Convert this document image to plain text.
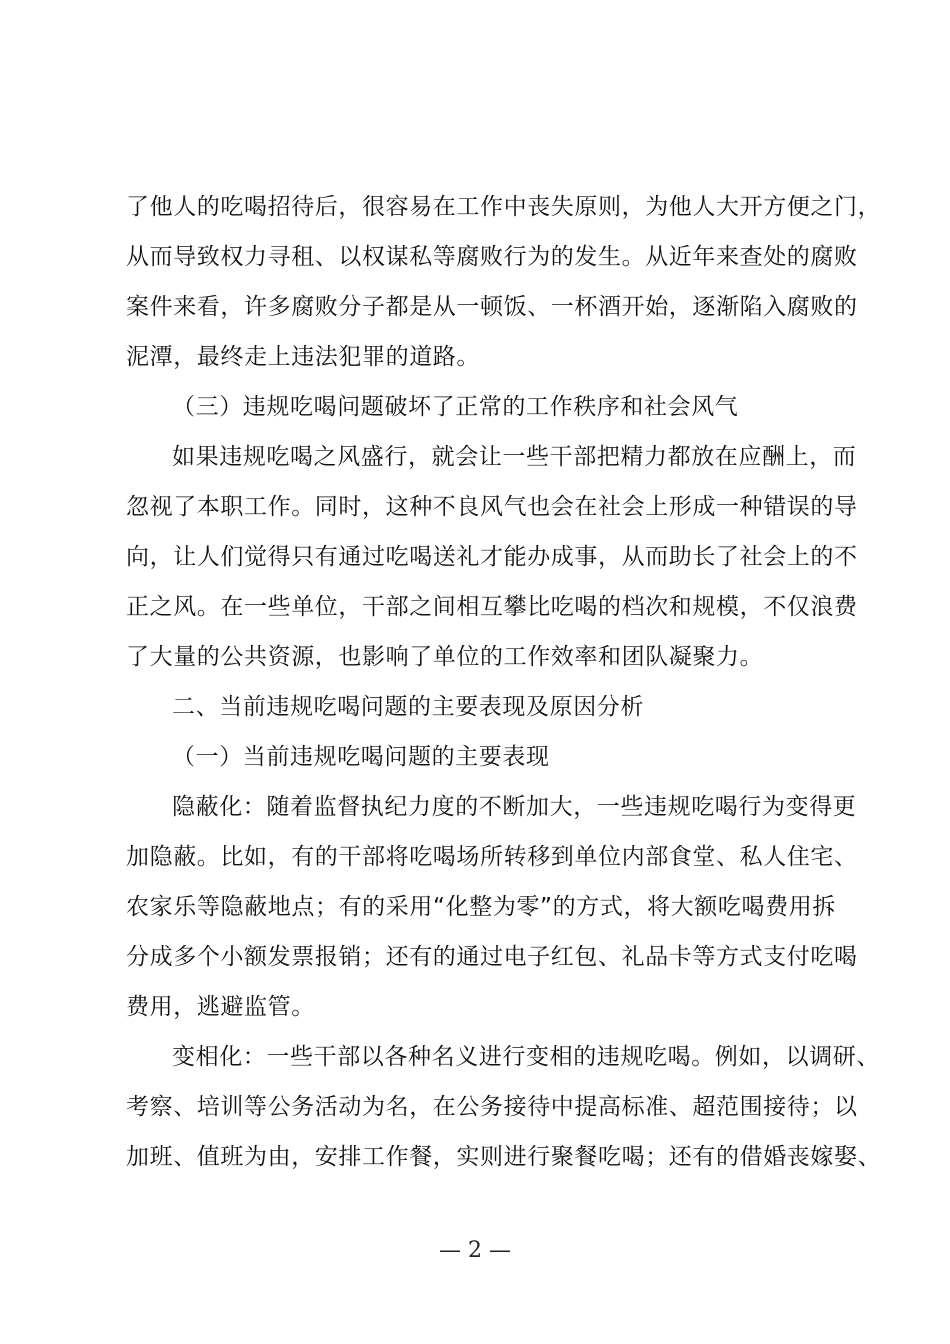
了他人的吃喝招待后，很容易在工作中丧失原则，为他人大开方便之门，
从而导致权力寻租、以权谋私等腐败行为的发生。从近年来查处的腐败
案件来看，许多腐败分子都是从一顿饭、一杯酒开始，逐渐陷入腐败的
泥潭，最终走上违法犯罪的道路。
（三）违规吃喝问题破坏了正常的工作秩序和社会风气
如果违规吃喝之风盛行，就会让一些干部把精力都放在应酬上，而
忽视了本职工作。同时，这种不良风气也会在社会上形成一种错误的导
向，让人们觉得只有通过吃喝送礼才能办成事，从而助长了社会上的不
正之风。在一些单位，干部之间相互攀比吃喝的档次和规模，不仅浪费
了大量的公共资源，也影响了单位的工作效率和团队凝聚力。
二、当前违规吃喝问题的主要表现及原因分析
（一）当前违规吃喝问题的主要表现
隐蔽化：随着监督执纪力度的不断加大，一些违规吃喝行为变得更
加隐蔽。比如，有的干部将吃喝场所转移到单位内部食堂、私人住宅、
农家乐等隐蔽地点；有的采用“化整为零”的方式，将大额吃喝费用拆
分成多个小额发票报销；还有的通过电子红包、礼品卡等方式支付吃喝
费用，逃避监管。
变相化：一些干部以各种名义进行变相的违规吃喝。例如，以调研、
考察、培训等公务活动为名，在公务接待中提高标准、超范围接待；以
加班、值班为由，安排工作餐，实则进行聚餐吃喝；还有的借婚丧嫁娶、
— 2 —
